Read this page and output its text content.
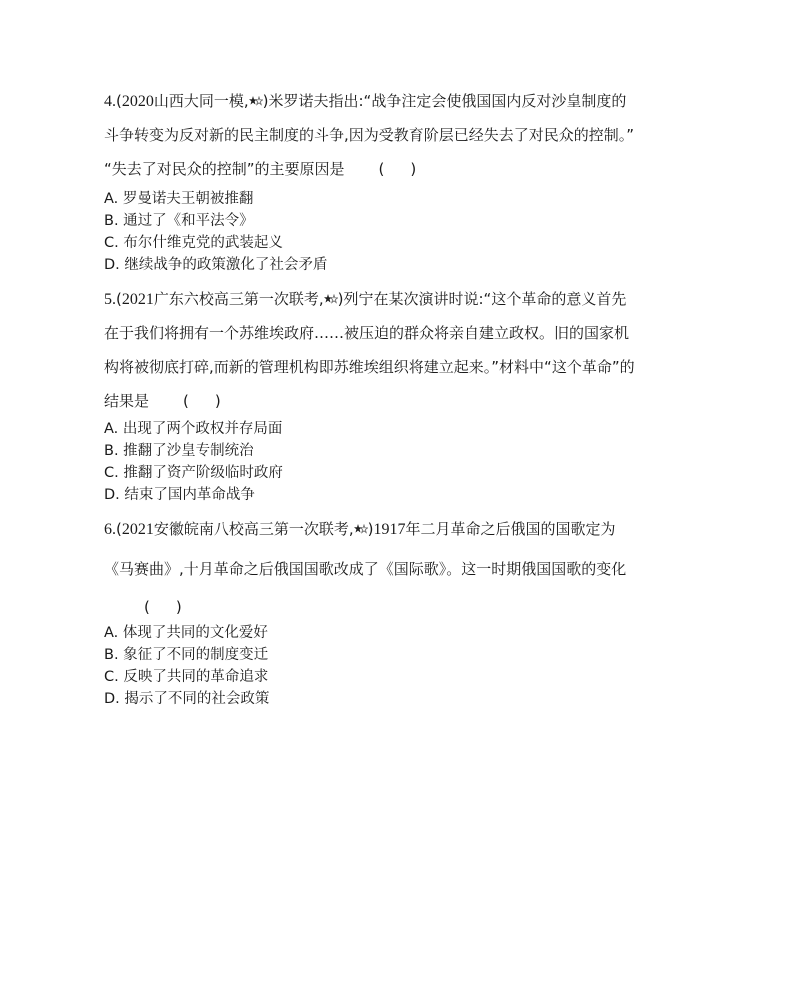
4.(2020山西大同一模, )米罗诺夫指出:“战争注定会使俄国国内反对沙皇制度的
斗争转变为反对新的民主制度的斗争,因为受教育阶层已经失去了对民众的控制。”
“失去了对民众的控制”的主要原因是 ( )
A. 罗曼诺夫王朝被推翻
B. 通过了《和平法令》
C. 布尔什维克党的武装起义
D. 继续战争的政策激化了社会矛盾
5.(2021广东六校高三第一次联考, )列宁在某次演讲时说:“这个革命的意义首先
在于我们将拥有一个苏维埃政府……被压迫的群众将亲自建立政权。旧的国家机
构将被彻底打碎,而新的管理机构即苏维埃组织将建立起来。”材料中“这个革命”的
结果是 ( )
A. 出现了两个政权并存局面
B. 推翻了沙皇专制统治
C. 推翻了资产阶级临时政府
D. 结束了国内革命战争
6.(2021安徽皖南八校高三第一次联考, )1917年二月革命之后俄国的国歌定为
《马赛曲》,十月革命之后俄国国歌改成了《国际歌》。这一时期俄国国歌的变化
( )
A. 体现了共同的文化爱好
B. 象征了不同的制度变迁
C. 反映了共同的革命追求
D. 揭示了不同的社会政策
